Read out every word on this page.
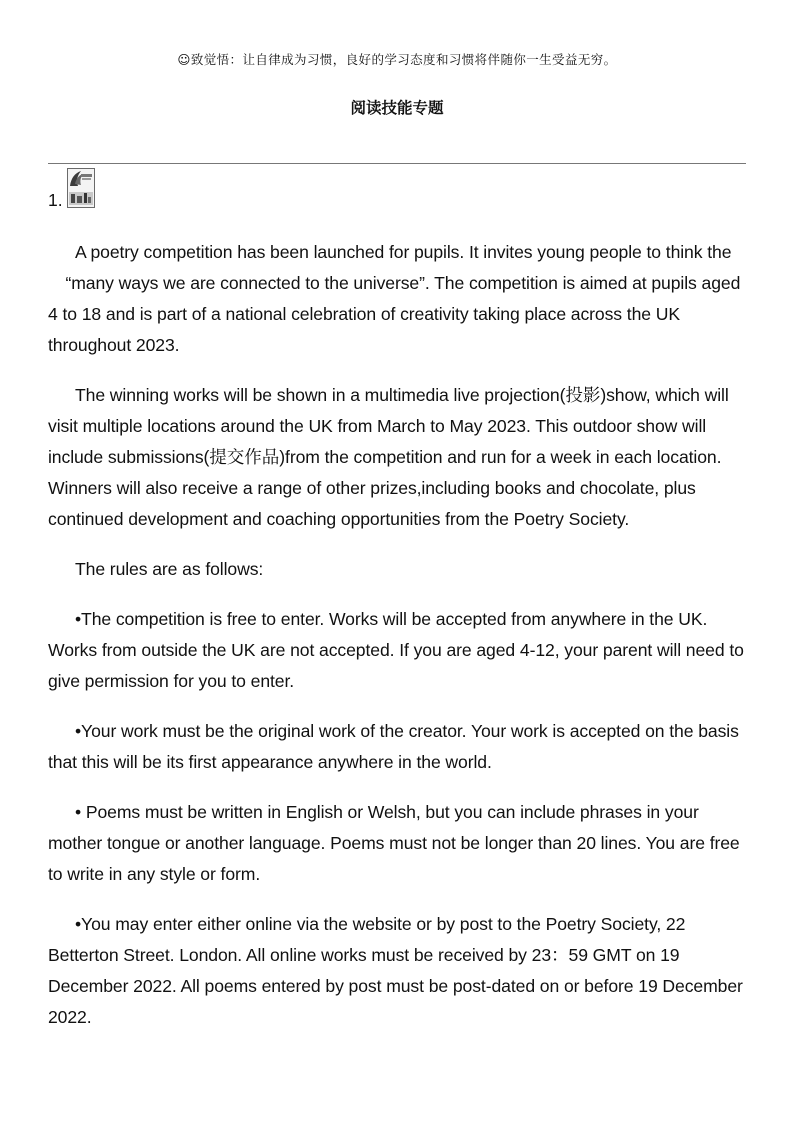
☺致觉悟：让自律成为习惯，良好的学习态度和习惯将伴随你一生受益无穷。
阅读技能专题
1.

A poetry competition has been launched for pupils. It invites young people to think the 　“many ways we are connected to the universe”. The competition is aimed at pupils aged 4 to 18 and is part of a national celebration of creativity taking place across the UK throughout 2023.

The winning works will be shown in a multimedia live projection(投影)show, which will visit multiple locations around the UK from March to May 2023. This outdoor show will include submissions(提交作品)from the competition and run for a week in each location. Winners will also receive a range of other prizes,including books and chocolate, plus continued development and coaching opportunities from the Poetry Society.

The rules are as follows:

•The competition is free to enter. Works will be accepted from anywhere in the UK. Works from outside the UK are not accepted. If you are aged 4-12, your parent will need to give permission for you to enter.

•Your work must be the original work of the creator. Your work is accepted on the basis that this will be its first appearance anywhere in the world.

• Poems must be written in English or Welsh, but you can include phrases in your mother tongue or another language. Poems must not be longer than 20 lines. You are free to write in any style or form.

•You may enter either online via the website or by post to the Poetry Society, 22 Betterton Street. London. All online works must be received by 23：59 GMT on 19 December 2022. All poems entered by post must be post-dated on or before 19 December 2022.
